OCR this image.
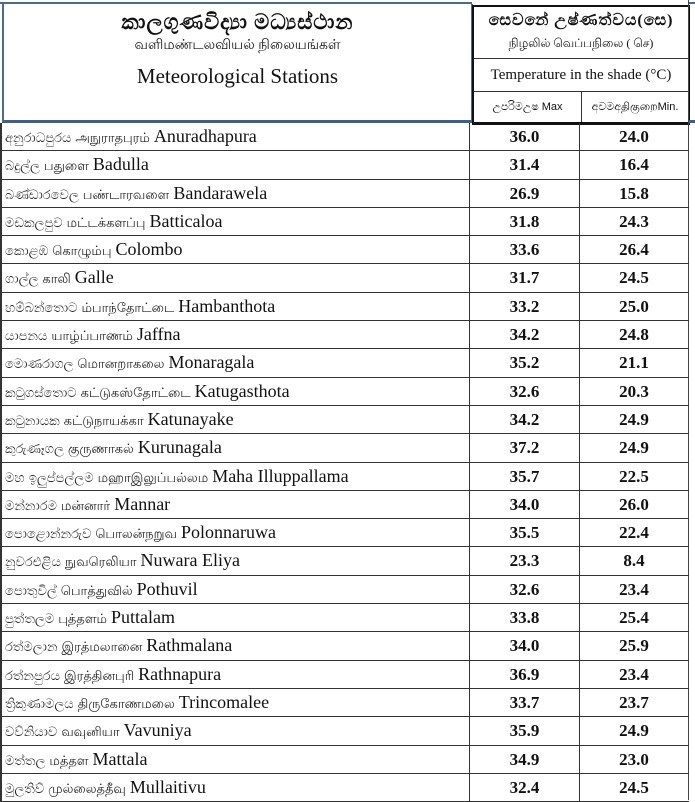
කාලගුණවිද්‍යා මධ්‍යස්ථාන
வளிமண்டலவியல் நிலையங்கள்
Meteorological Stations
සෙවනේ උෂ්ණත්වය(සෙ)
நிழலில் வெப்பநிலை ( செ)
Temperature in the shade (°C)
උපරිමඋෂ Max	අවමඅதிகுறைMin.
අනුරාධපුරය அநுராதபுரம் Anuradhapura	36.0	24.0
බදුල්ල பதுளை Badulla	31.4	16.4
බණ්ඩාරවෙල பண்டாரவளை Bandarawela	26.9	15.8
මඩකලපුව மட்டக்களப்பு Batticaloa	31.8	24.3
කොළඹ கொழும்பு Colombo	33.6	26.4
ගාල්ල காலி Galle	31.7	24.5
හම්බන්තොට ம்பாந்தோட்டை Hambanthota	33.2	25.0
යාපනය யாழ்ப்பாணம் Jaffna	34.2	24.8
මොණරාගල மொனறாகலை Monaragala	35.2	21.1
කටුගස්තොට கட்டுகஸ்தோட்டை Katugasthota	32.6	20.3
කටුනායක கட்டுநாயக்கா Katunayake	34.2	24.9
කුරුණෑගල குருணாகல் Kurunagala	37.2	24.9
මහ ඉලුප්පල්ලම மஹாஇலுப்பல்லம Maha Illuppallama	35.7	22.5
මන්නාරම மன்னார் Mannar	34.0	26.0
පොළොන්නරුව பொலன்நறுவ Polonnaruwa	35.5	22.4
නුවරඑළිය நுவரெலியா Nuwara Eliya	23.3	8.4
පොතුවිල් பொத்துவில் Pothuvil	32.6	23.4
පුත්තලම புத்தளம் Puttalam	33.8	25.4
රත්මලාන இரத்மலானை Rathmalana	34.0	25.9
රත්නපුරය இரத்தினபுரி Rathnapura	36.9	23.4
ත්‍රිකුණාමලය திருகோணமலை Trincomalee	33.7	23.7
වව්නියාව வவுனியா Vavuniya	35.9	24.9
මත්තල மத்தள Mattala	34.9	23.0
මුලතිව් முல்லைத்தீவு Mullaitivu	32.4	24.5
